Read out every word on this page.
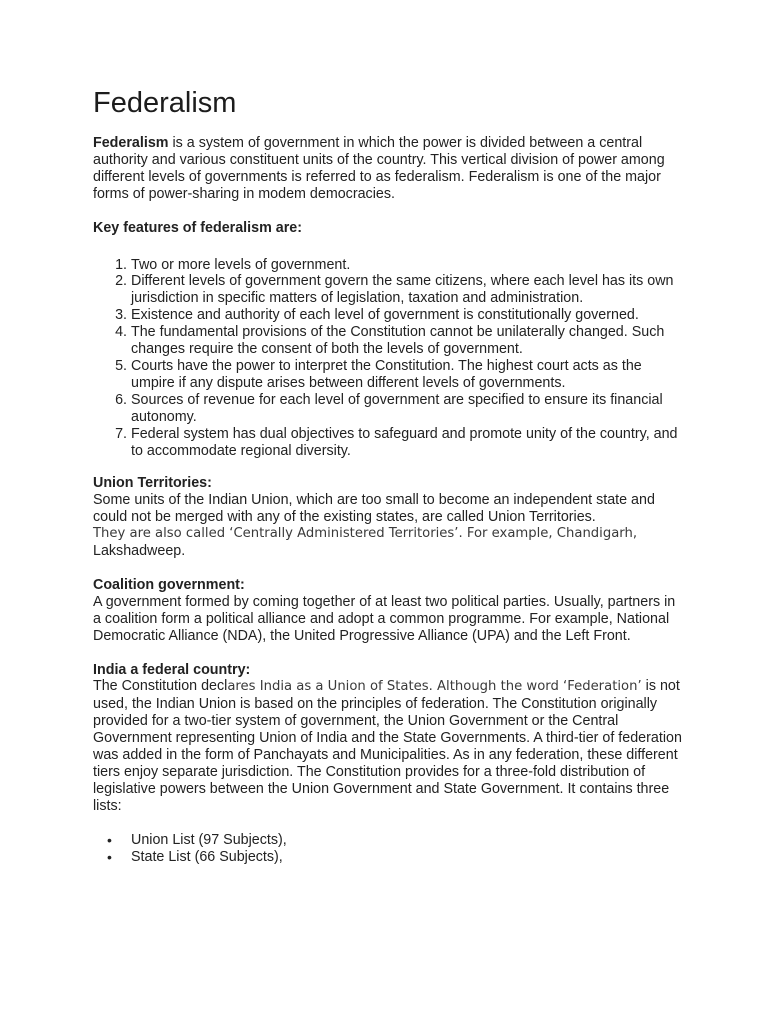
Federalism

Federalism is a system of government in which the power is divided between a central authority and various constituent units of the country. This vertical division of power among different levels of governments is referred to as federalism. Federalism is one of the major forms of power-sharing in modem democracies.

Key features of federalism are:

1. Two or more levels of government.
2. Different levels of government govern the same citizens, where each level has its own jurisdiction in specific matters of legislation, taxation and administration.
3. Existence and authority of each level of government is constitutionally governed.
4. The fundamental provisions of the Constitution cannot be unilaterally changed. Such changes require the consent of both the levels of government.
5. Courts have the power to interpret the Constitution. The highest court acts as the umpire if any dispute arises between different levels of governments.
6. Sources of revenue for each level of government are specified to ensure its financial autonomy.
7. Federal system has dual objectives to safeguard and promote unity of the country, and to accommodate regional diversity.

Union Territories:

Some units of the Indian Union, which are too small to become an independent state and could not be merged with any of the existing states, are called Union Territories.

They are also called ‘Centrally Administered Territories’. For example, Chandigarh,

Lakshadweep.

Coalition government:

A government formed by coming together of at least two political parties. Usually, partners in a coalition form a political alliance and adopt a common programme. For example, National Democratic Alliance (NDA), the United Progressive Alliance (UPA) and the Left Front.

India a federal country:

The Constitution declares India as a Union of States. Although the word ‘Federation’ is not used, the Indian Union is based on the principles of federation. The Constitution originally provided for a two-tier system of government, the Union Government or the Central Government representing Union of India and the State Governments. A third-tier of federation was added in the form of Panchayats and Municipalities. As in any federation, these different tiers enjoy separate jurisdiction. The Constitution provides for a three-fold distribution of legislative powers between the Union Government and State Government. It contains three lists:

• Union List (97 Subjects),
• State List (66 Subjects),
